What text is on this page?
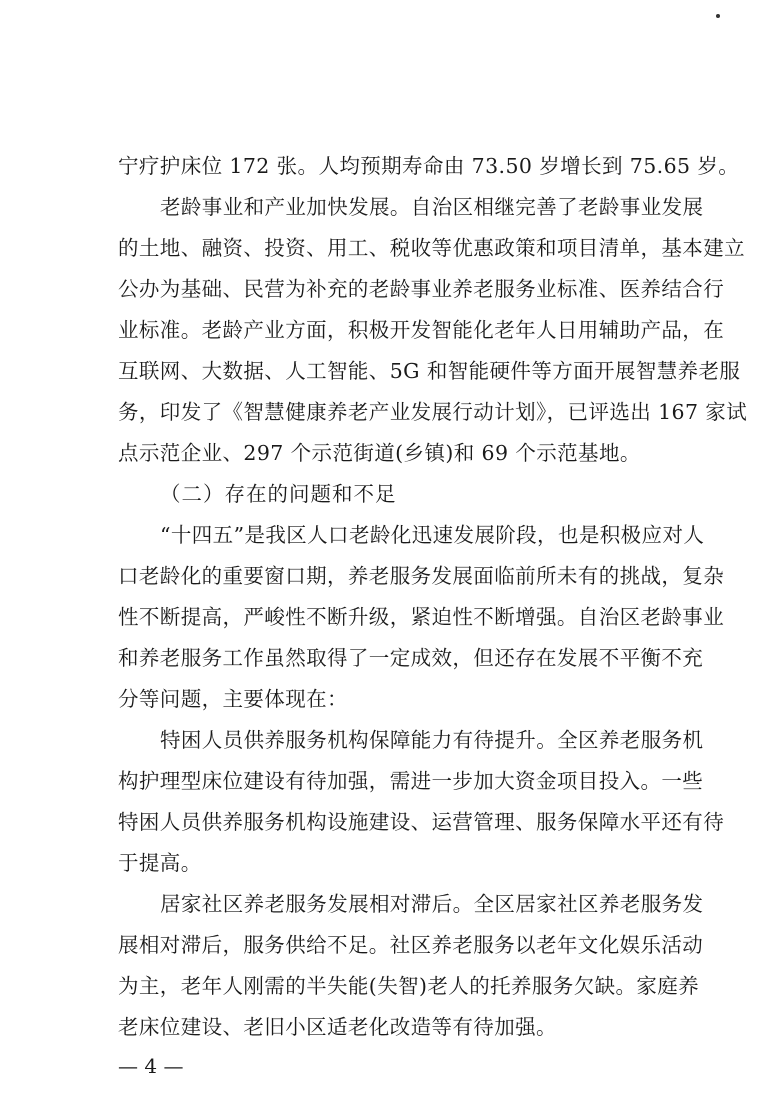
宁疗护床位 172 张。人均预期寿命由 73.50 岁增长到 75.65 岁。
老龄事业和产业加快发展。自治区相继完善了老龄事业发展
的土地、融资、投资、用工、税收等优惠政策和项目清单，基本建立
公办为基础、民营为补充的老龄事业养老服务业标准、医养结合行
业标准。老龄产业方面，积极开发智能化老年人日用辅助产品，在
互联网、大数据、人工智能、5G 和智能硬件等方面开展智慧养老服
务，印发了《智慧健康养老产业发展行动计划》，已评选出 167 家试
点示范企业、297 个示范街道(乡镇)和 69 个示范基地。
（二）存在的问题和不足
“十四五”是我区人口老龄化迅速发展阶段，也是积极应对人
口老龄化的重要窗口期，养老服务发展面临前所未有的挑战，复杂
性不断提高，严峻性不断升级，紧迫性不断增强。自治区老龄事业
和养老服务工作虽然取得了一定成效，但还存在发展不平衡不充
分等问题，主要体现在：
特困人员供养服务机构保障能力有待提升。全区养老服务机
构护理型床位建设有待加强，需进一步加大资金项目投入。一些
特困人员供养服务机构设施建设、运营管理、服务保障水平还有待
于提高。
居家社区养老服务发展相对滞后。全区居家社区养老服务发
展相对滞后，服务供给不足。社区养老服务以老年文化娱乐活动
为主，老年人刚需的半失能(失智)老人的托养服务欠缺。家庭养
老床位建设、老旧小区适老化改造等有待加强。
— 4 —
